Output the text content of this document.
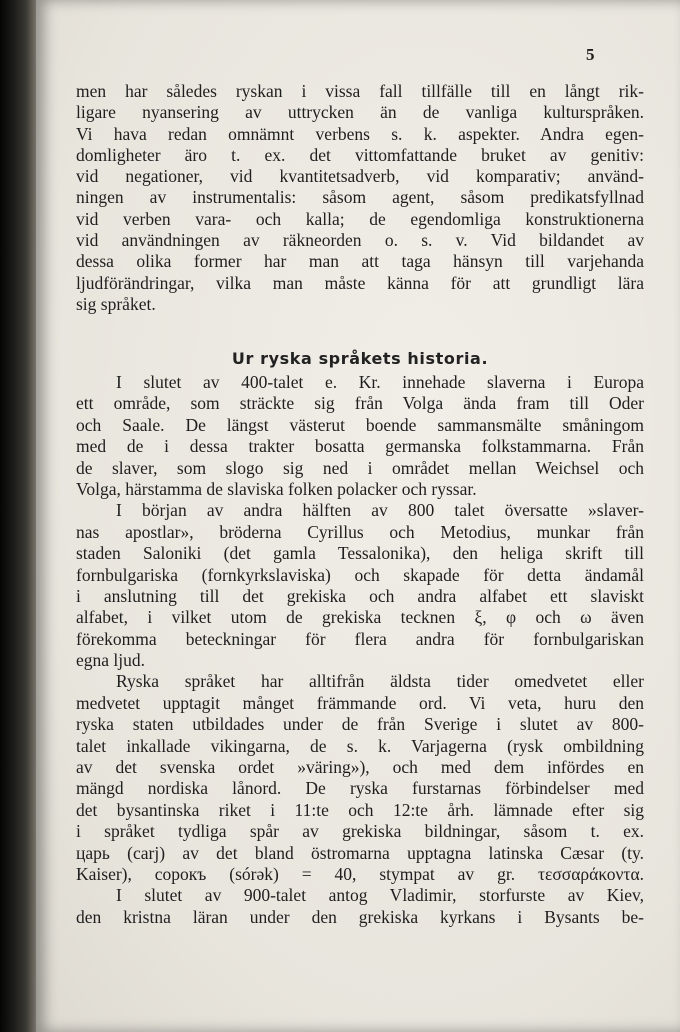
5
men har således ryskan i vissa fall tillfälle till en långt rik-
ligare nyansering av uttrycken än de vanliga kulturspråken.
Vi hava redan omnämnt verbens s. k. aspekter. Andra egen-
domligheter äro t. ex. det vittomfattande bruket av genitiv:
vid negationer, vid kvantitetsadverb, vid komparativ; använd-
ningen av instrumentalis: såsom agent, såsom predikatsfyllnad
vid verben vara- och kalla; de egendomliga konstruktionerna
vid användningen av räkneorden o. s. v. Vid bildandet av
dessa olika former har man att taga hänsyn till varjehanda
ljudförändringar, vilka man måste känna för att grundligt lära
sig språket.
Ur ryska språkets historia.
I slutet av 400-talet e. Kr. innehade slaverna i Europa
ett område, som sträckte sig från Volga ända fram till Oder
och Saale. De längst västerut boende sammansmälte småningom
med de i dessa trakter bosatta germanska folkstammarna. Från
de slaver, som slogo sig ned i området mellan Weichsel och
Volga, härstamma de slaviska folken polacker och ryssar.
I början av andra hälften av 800 talet översatte »slaver-
nas apostlar», bröderna Cyrillus och Metodius, munkar från
staden Saloniki (det gamla Tessalonika), den heliga skrift till
fornbulgariska (fornkyrkslaviska) och skapade för detta ändamål
i anslutning till det grekiska och andra alfabet ett slaviskt
alfabet, i vilket utom de grekiska tecknen ξ, φ och ω även
förekomma beteckningar för flera andra för fornbulgariskan
egna ljud.
Ryska språket har alltifrån äldsta tider omedvetet eller
medvetet upptagit månget främmande ord. Vi veta, huru den
ryska staten utbildades under de från Sverige i slutet av 800-
talet inkallade vikingarna, de s. k. Varjagerna (rysk ombildning
av det svenska ordet »väring»), och med dem infördes en
mängd nordiska lånord. De ryska furstarnas förbindelser med
det bysantinska riket i 11:te och 12:te årh. lämnade efter sig
i språket tydliga spår av grekiska bildningar, såsom t. ex.
царь (carj) av det bland östromarna upptagna latinska Cæsar (ty.
Kaiser), сорокъ (sórək) = 40, stympat av gr. τεσσαράκοντα.
I slutet av 900-talet antog Vladimir, storfurste av Kiev,
den kristna läran under den grekiska kyrkans i Bysants be-
